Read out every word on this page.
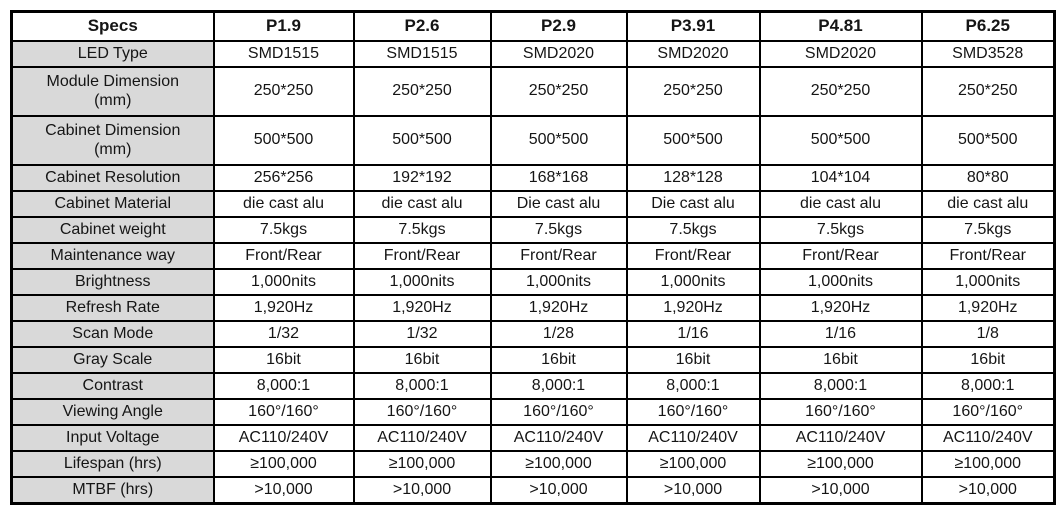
Specs	P1.9	P2.6	P2.9	P3.91	P4.81	P6.25
LED Type	SMD1515	SMD1515	SMD2020	SMD2020	SMD2020	SMD3528
Module Dimension (mm)	250*250	250*250	250*250	250*250	250*250	250*250
Cabinet Dimension (mm)	500*500	500*500	500*500	500*500	500*500	500*500
Cabinet Resolution	256*256	192*192	168*168	128*128	104*104	80*80
Cabinet Material	die cast alu	die cast alu	Die cast alu	Die cast alu	die cast alu	die cast alu
Cabinet weight	7.5kgs	7.5kgs	7.5kgs	7.5kgs	7.5kgs	7.5kgs
Maintenance way	Front/Rear	Front/Rear	Front/Rear	Front/Rear	Front/Rear	Front/Rear
Brightness	1,000nits	1,000nits	1,000nits	1,000nits	1,000nits	1,000nits
Refresh Rate	1,920Hz	1,920Hz	1,920Hz	1,920Hz	1,920Hz	1,920Hz
Scan Mode	1/32	1/32	1/28	1/16	1/16	1/8
Gray Scale	16bit	16bit	16bit	16bit	16bit	16bit
Contrast	8,000:1	8,000:1	8,000:1	8,000:1	8,000:1	8,000:1
Viewing Angle	160°/160°	160°/160°	160°/160°	160°/160°	160°/160°	160°/160°
Input Voltage	AC110/240V	AC110/240V	AC110/240V	AC110/240V	AC110/240V	AC110/240V
Lifespan (hrs)	≥100,000	≥100,000	≥100,000	≥100,000	≥100,000	≥100,000
MTBF (hrs)	>10,000	>10,000	>10,000	>10,000	>10,000	>10,000
